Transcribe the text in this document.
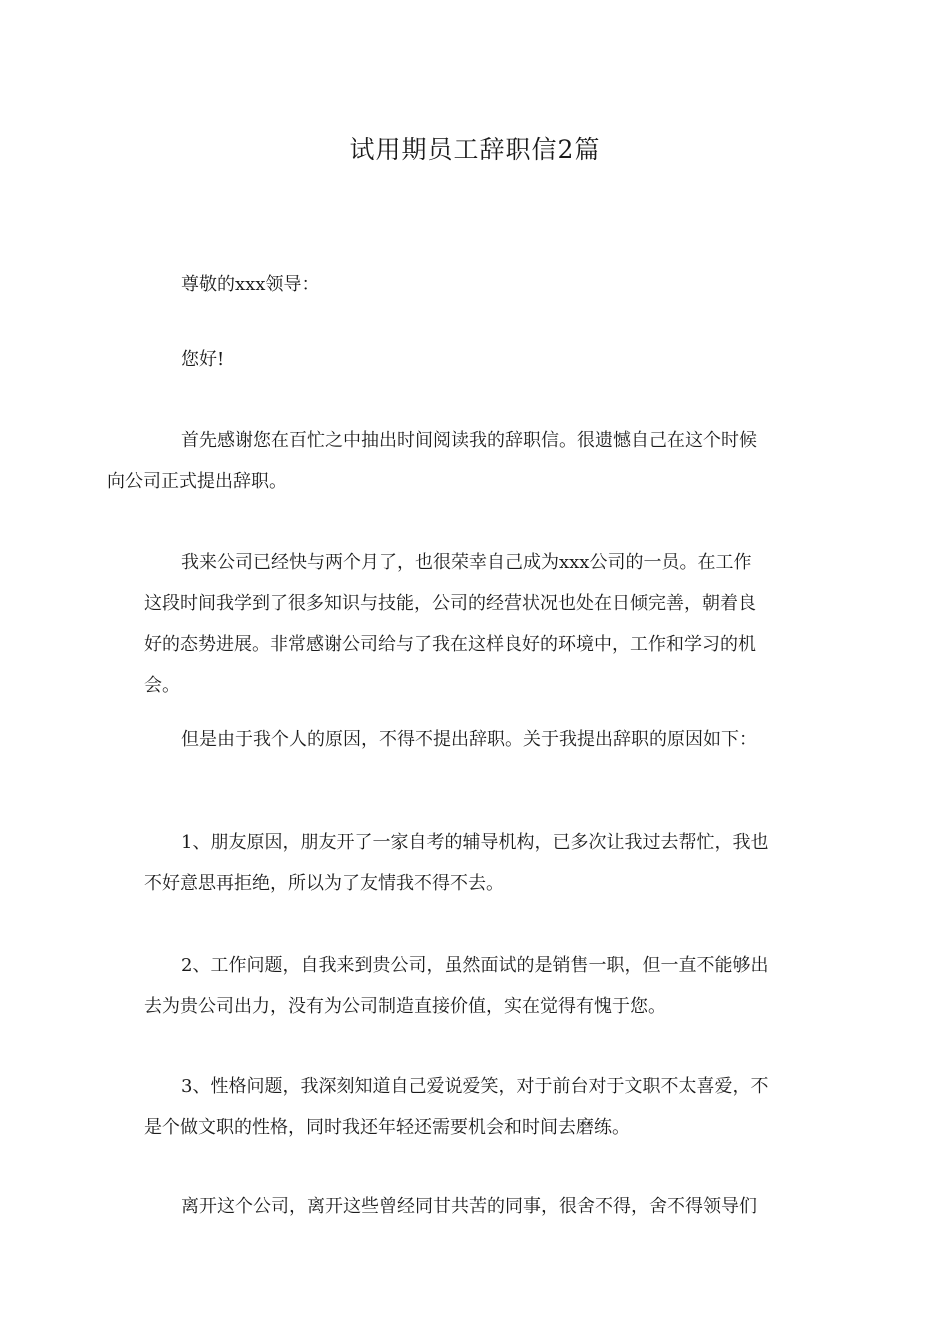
试用期员工辞职信2篇

尊敬的xxx领导：

您好!

首先感谢您在百忙之中抽出时间阅读我的辞职信。很遗憾自己在这个时候
向公司正式提出辞职。

我来公司已经快与两个月了，也很荣幸自己成为xxx公司的一员。在工作
这段时间我学到了很多知识与技能，公司的经营状况也处在日倾完善，朝着良
好的态势进展。非常感谢公司给与了我在这样良好的环境中，工作和学习的机
会。

但是由于我个人的原因，不得不提出辞职。关于我提出辞职的原因如下：

1、朋友原因，朋友开了一家自考的辅导机构，已多次让我过去帮忙，我也
不好意思再拒绝，所以为了友情我不得不去。

2、工作问题，自我来到贵公司，虽然面试的是销售一职，但一直不能够出
去为贵公司出力，没有为公司制造直接价值，实在觉得有愧于您。

3、性格问题，我深刻知道自己爱说爱笑，对于前台对于文职不太喜爱，不
是个做文职的性格，同时我还年轻还需要机会和时间去磨练。

离开这个公司，离开这些曾经同甘共苦的同事，很舍不得，舍不得领导们
